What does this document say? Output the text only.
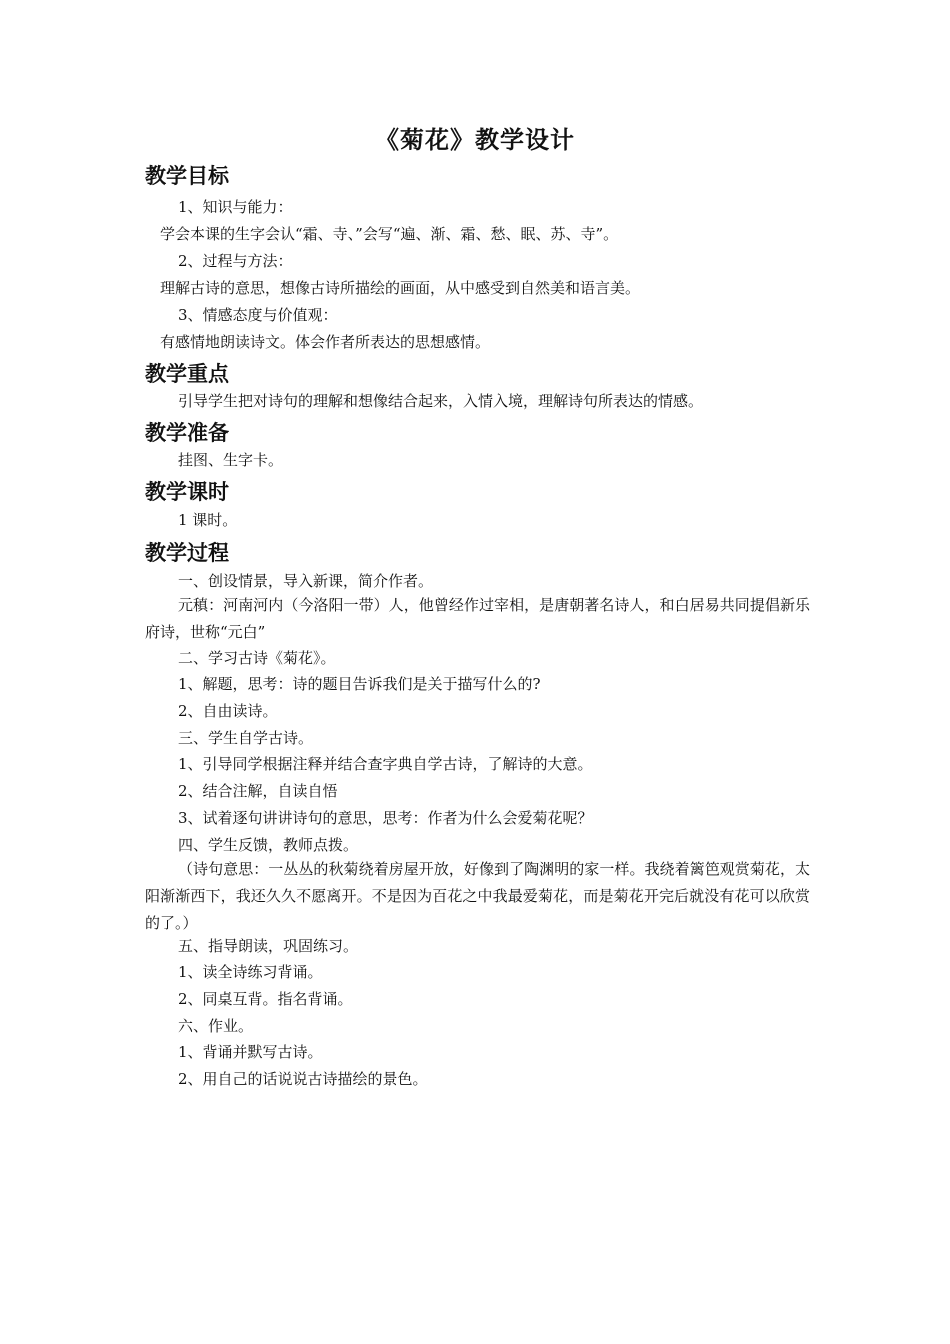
《菊花》教学设计
教学目标
1、知识与能力：
学会本课的生字会认“霜、寺、”会写“遍、渐、霜、愁、眠、苏、寺”。
2、过程与方法：
理解古诗的意思，想像古诗所描绘的画面，从中感受到自然美和语言美。
3、情感态度与价值观：
有感情地朗读诗文。体会作者所表达的思想感情。
教学重点
引导学生把对诗句的理解和想像结合起来，入情入境，理解诗句所表达的情感。
教学准备
挂图、生字卡。
教学课时
1 课时。
教学过程
一、创设情景，导入新课，简介作者。
元稹：河南河内（今洛阳一带）人，他曾经作过宰相，是唐朝著名诗人，和白居易共同提倡新乐府诗，世称“元白”
二、学习古诗《菊花》。
1、解题，思考：诗的题目告诉我们是关于描写什么的?
2、自由读诗。
三、学生自学古诗。
1、引导同学根据注释并结合查字典自学古诗，了解诗的大意。
2、结合注解，自读自悟
3、试着逐句讲讲诗句的意思，思考：作者为什么会爱菊花呢？
四、学生反馈，教师点拨。
（诗句意思：一丛丛的秋菊绕着房屋开放，好像到了陶渊明的家一样。我绕着篱笆观赏菊花，太阳渐渐西下，我还久久不愿离开。不是因为百花之中我最爱菊花，而是菊花开完后就没有花可以欣赏的了。）
五、指导朗读，巩固练习。
1、读全诗练习背诵。
2、同桌互背。指名背诵。
六、作业。
1、背诵并默写古诗。
2、用自己的话说说古诗描绘的景色。
